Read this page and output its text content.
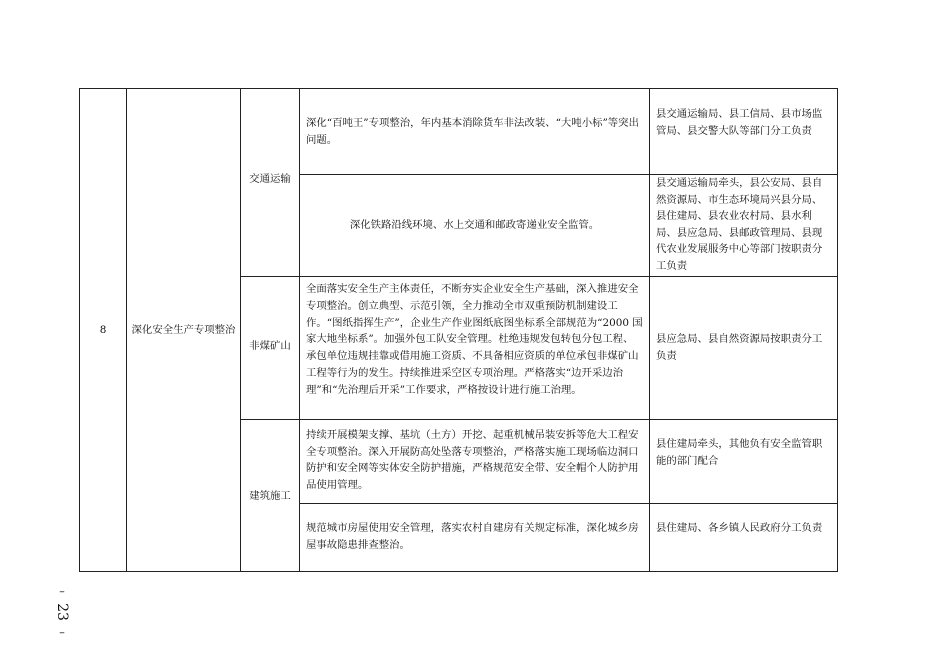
8 深化安全生产专项整治
交通运输
非煤矿山
建筑施工
深化“百吨王”专项整治，年内基本消除货车非法改装、“大吨小标”等突出问题。
深化铁路沿线环境、水上交通和邮政寄递业安全监管。
全面落实安全生产主体责任，不断夯实企业安全生产基础，深入推进安全专项整治。创立典型、示范引领，全力推动全市双重预防机制建设工作。“图纸指挥生产”，企业生产作业图纸底图坐标系全部规范为“2000 国家大地坐标系”。加强外包工队安全管理。杜绝违规发包转包分包工程、承包单位违规挂靠或借用施工资质、不具备相应资质的单位承包非煤矿山工程等行为的发生。持续推进采空区专项治理。严格落实“边开采边治理”和“先治理后开采”工作要求，严格按设计进行施工治理。
持续开展模架支撑、基坑（土方）开挖、起重机械吊装安拆等危大工程安全专项整治。深入开展防高处坠落专项整治，严格落实施工现场临边洞口防护和安全网等实体安全防护措施，严格规范安全带、安全帽个人防护用品使用管理。
规范城市房屋使用安全管理，落实农村自建房有关规定标准，深化城乡房屋事故隐患排查整治。
县交通运输局、县工信局、县市场监管局、县交警大队等部门分工负责
县交通运输局牵头，县公安局、县自然资源局、市生态环境局兴县分局、县住建局、县农业农村局、县水利局、县应急局、县邮政管理局、县现代农业发展服务中心等部门按职责分工负责
县应急局、县自然资源局按职责分工负责
县住建局牵头，其他负有安全监管职能的部门配合
县住建局、各乡镇人民政府分工负责
–
23
–
